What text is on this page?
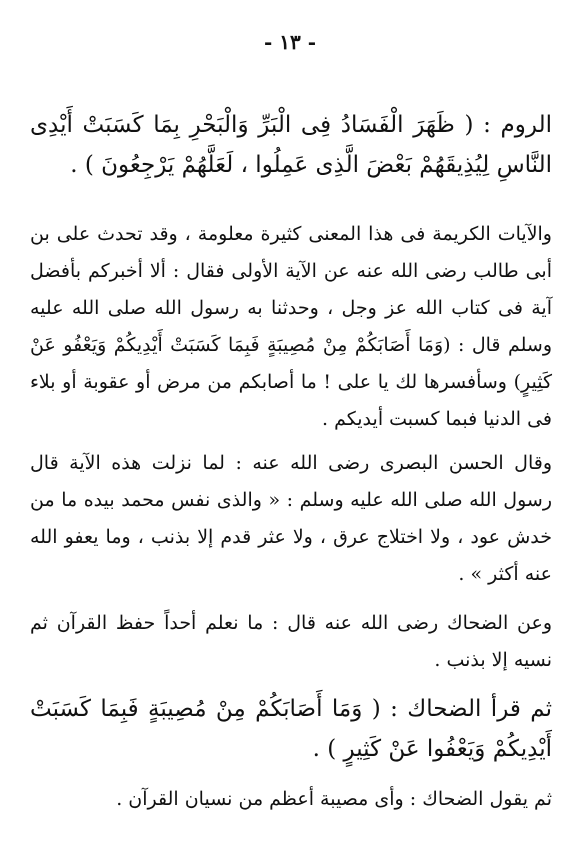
- ١٣ -

الروم : ( ظَهَرَ الْفَسَادُ فِى الْبَرِّ وَالْبَحْرِ بِمَا كَسَبَتْ أَيْدِى النَّاسِ لِيُذِيقَهُمْ بَعْضَ الَّذِى عَمِلُوا ، لَعَلَّهُمْ يَرْجِعُونَ ) .

والآيات الكريمة فى هذا المعنى كثيرة معلومة ، وقد تحدث على بن أبى طالب رضى الله عنه عن الآية الأولى فقال : ألا أخبركم بأفضل آية فى كتاب الله عز وجل ، وحدثنا به رسول الله صلى الله عليه وسلم قال : (وَمَا أَصَابَكُمْ مِنْ مُصِيبَةٍ فَبِمَا كَسَبَتْ أَيْدِيكُمْ وَيَعْفُو عَنْ كَثِيرٍ) وسأفسرها لك يا على ! ما أصابكم من مرض أو عقوبة أو بلاء فى الدنيا فبما كسبت أيديكم .

وقال الحسن البصرى رضى الله عنه : لما نزلت هذه الآية قال رسول الله صلى الله عليه وسلم : « والذى نفس محمد بيده ما من خدش عود ، ولا اختلاج عرق ، ولا عثر قدم إلا بذنب ، وما يعفو الله عنه أكثر » .

وعن الضحاك رضى الله عنه قال : ما نعلم أحداً حفظ القرآن ثم نسيه إلا بذنب .

ثم قرأ الضحاك : ( وَمَا أَصَابَكُمْ مِنْ مُصِيبَةٍ فَبِمَا كَسَبَتْ أَيْدِيكُمْ وَيَعْفُوا عَنْ كَثِيرٍ ) .

ثم يقول الضحاك : وأى مصيبة أعظم من نسيان القرآن .
